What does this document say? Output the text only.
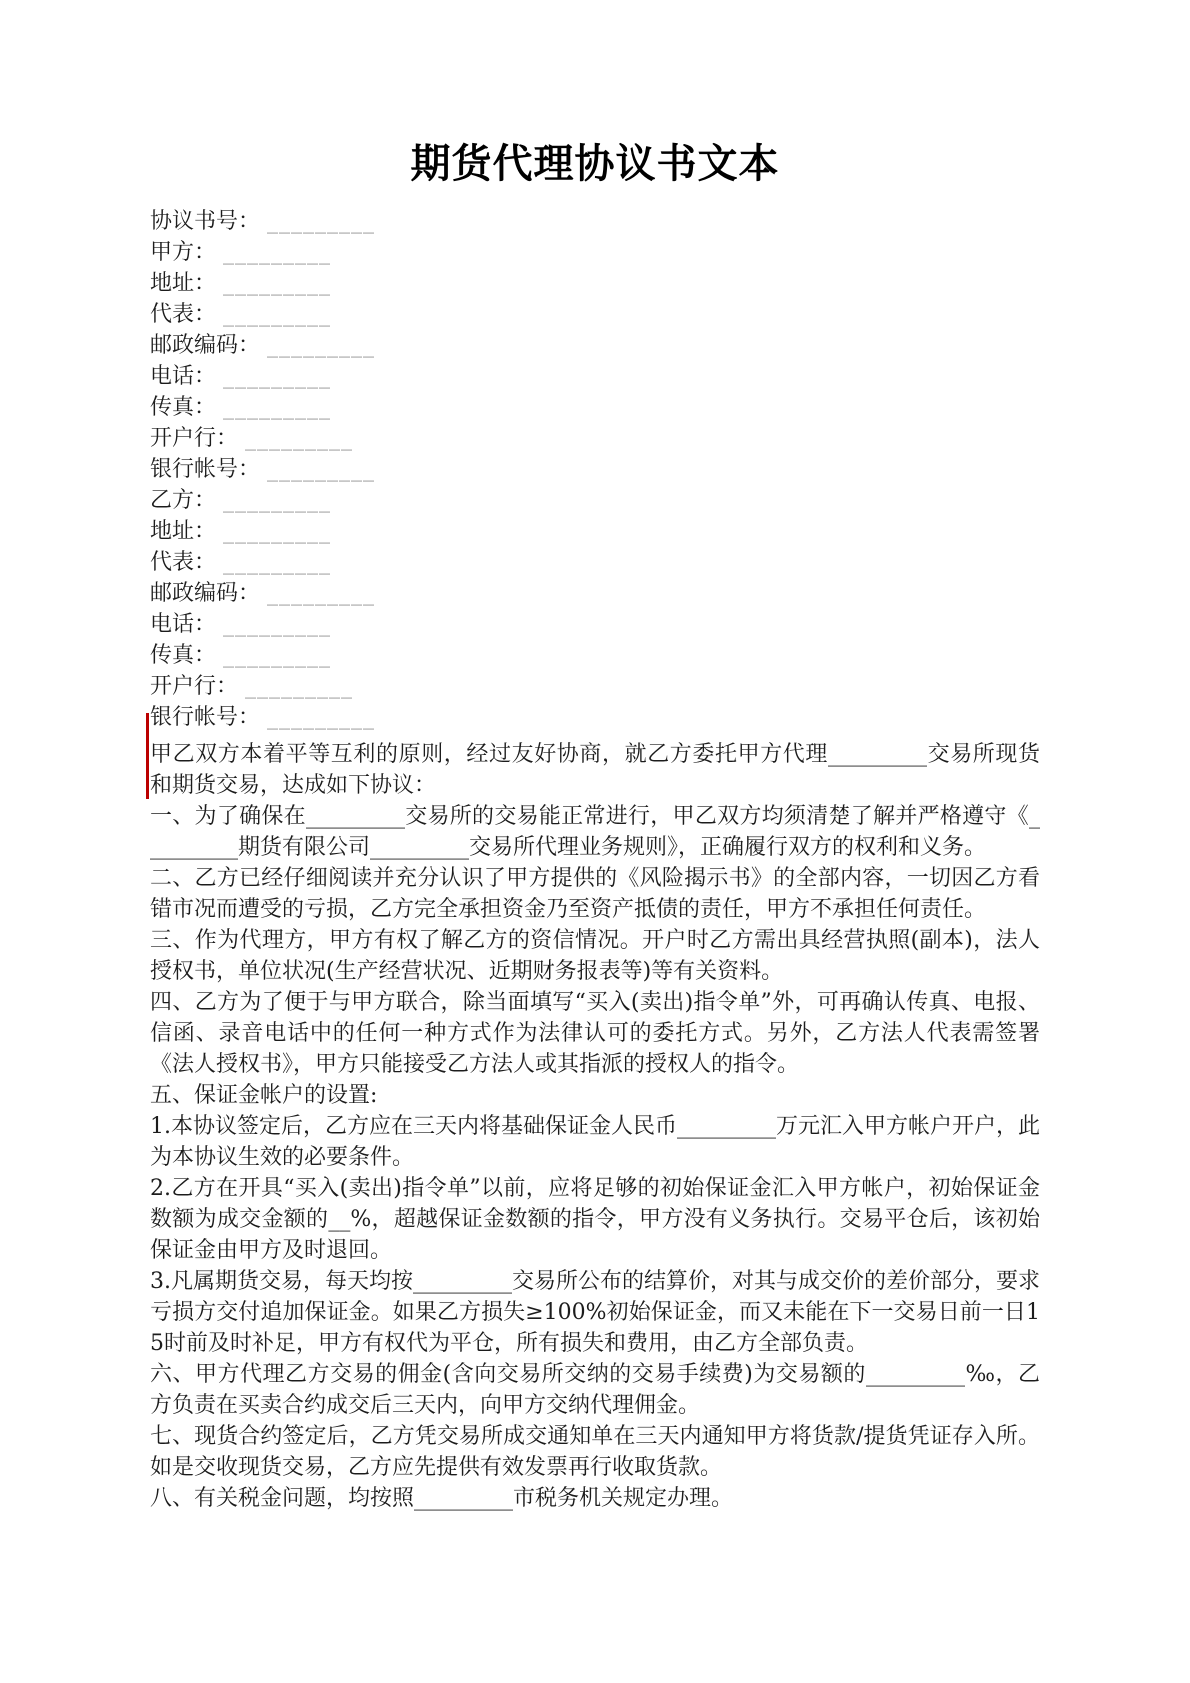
期货代理协议书文本
协议书号： _________
甲方： _________
地址： _________
代表： _________
邮政编码： _________
电话： _________
传真： _________
开户行： _________
银行帐号： _________
乙方： _________
地址： _________
代表： _________
邮政编码： _________
电话： _________
传真： _________
开户行： _________
银行帐号： _________

甲乙双方本着平等互利的原则，经过友好协商，就乙方委托甲方代理_________交易所现货和期货交易，达成如下协议：

一、为了确保在_________交易所的交易能正常进行，甲乙双方均须清楚了解并严格遵守《_________期货有限公司_________交易所代理业务规则》，正确履行双方的权利和义务。

二、乙方已经仔细阅读并充分认识了甲方提供的《风险揭示书》的全部内容，一切因乙方看错市况而遭受的亏损，乙方完全承担资金乃至资产抵债的责任，甲方不承担任何责任。

三、作为代理方，甲方有权了解乙方的资信情况。开户时乙方需出具经营执照(副本)，法人授权书，单位状况(生产经营状况、近期财务报表等)等有关资料。

四、乙方为了便于与甲方联合，除当面填写“买入(卖出)指令单”外，可再确认传真、电报、信函、录音电话中的任何一种方式作为法律认可的委托方式。另外，乙方法人代表需签署《法人授权书》，甲方只能接受乙方法人或其指派的授权人的指令。

五、保证金帐户的设置:

1.本协议签定后，乙方应在三天内将基础保证金人民币_________万元汇入甲方帐户开户，此为本协议生效的必要条件。

2.乙方在开具“买入(卖出)指令单”以前，应将足够的初始保证金汇入甲方帐户，初始保证金数额为成交金额的__%，超越保证金数额的指令，甲方没有义务执行。交易平仓后，该初始保证金由甲方及时退回。

3.凡属期货交易，每天均按_________交易所公布的结算价，对其与成交价的差价部分，要求亏损方交付追加保证金。如果乙方损失≥100%初始保证金，而又未能在下一交易日前一日15时前及时补足，甲方有权代为平仓，所有损失和费用，由乙方全部负责。

六、甲方代理乙方交易的佣金(含向交易所交纳的交易手续费)为交易额的_________‰，乙方负责在买卖合约成交后三天内，向甲方交纳代理佣金。

七、现货合约签定后，乙方凭交易所成交通知单在三天内通知甲方将货款/提货凭证存入所。如是交收现货交易，乙方应先提供有效发票再行收取货款。

八、有关税金问题，均按照_________市税务机关规定办理。
